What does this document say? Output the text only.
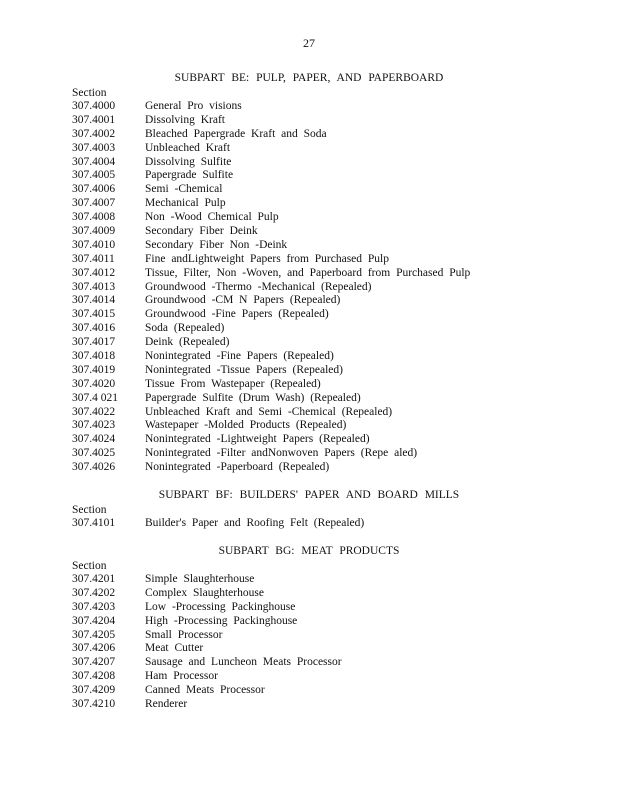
27
SUBPART BE: PULP, PAPER, AND PAPERBOARD
Section
307.4000	General Pro visions
307.4001	Dissolving Kraft
307.4002	Bleached Papergrade Kraft and Soda
307.4003	Unbleached Kraft
307.4004	Dissolving Sulfite
307.4005	Papergrade Sulfite
307.4006	Semi -Chemical
307.4007	Mechanical Pulp
307.4008	Non -Wood Chemical Pulp
307.4009	Secondary Fiber Deink
307.4010	Secondary Fiber Non -Deink
307.4011	Fine andLightweight Papers from Purchased Pulp
307.4012	Tissue, Filter, Non -Woven, and Paperboard from Purchased Pulp
307.4013	Groundwood -Thermo -Mechanical (Repealed)
307.4014	Groundwood -CM N Papers (Repealed)
307.4015	Groundwood -Fine Papers (Repealed)
307.4016	Soda (Repealed)
307.4017	Deink (Repealed)
307.4018	Nonintegrated -Fine Papers (Repealed)
307.4019	Nonintegrated -Tissue Papers (Repealed)
307.4020	Tissue From Wastepaper (Repealed)
307.4 021	Papergrade Sulfite (Drum Wash) (Repealed)
307.4022	Unbleached Kraft and Semi -Chemical (Repealed)
307.4023	Wastepaper -Molded Products (Repealed)
307.4024	Nonintegrated -Lightweight Papers (Repealed)
307.4025	Nonintegrated -Filter andNonwoven Papers (Repe aled)
307.4026	Nonintegrated -Paperboard (Repealed)
SUBPART BF: BUILDERS' PAPER AND BOARD MILLS
Section
307.4101	Builder's Paper and Roofing Felt (Repealed)
SUBPART BG: MEAT PRODUCTS
Section
307.4201	Simple Slaughterhouse
307.4202	Complex Slaughterhouse
307.4203	Low -Processing Packinghouse
307.4204	High -Processing Packinghouse
307.4205	Small Processor
307.4206	Meat Cutter
307.4207	Sausage and Luncheon Meats Processor
307.4208	Ham Processor
307.4209	Canned Meats Processor
307.4210	Renderer
